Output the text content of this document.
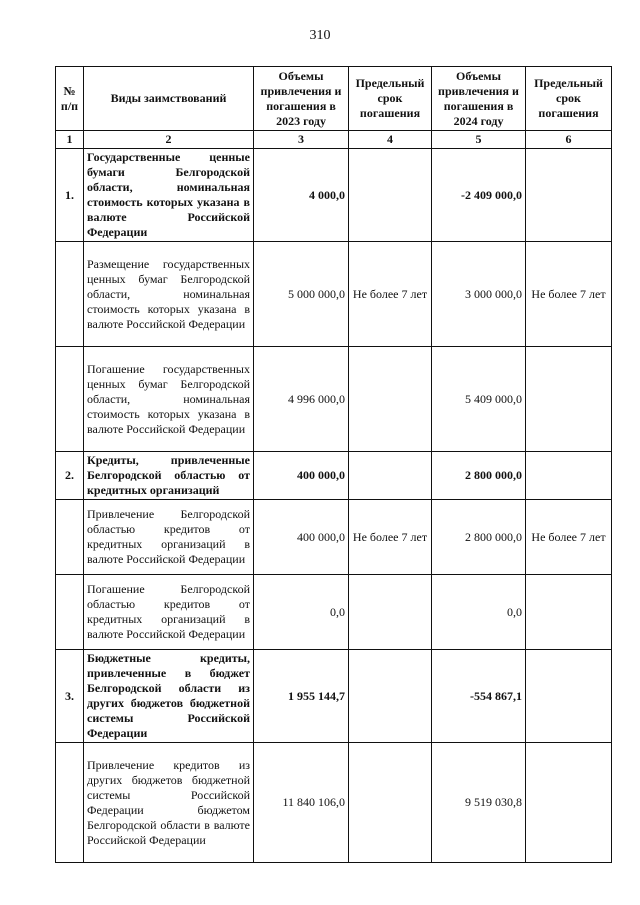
310
№ п/п	Виды заимствований	Объемы привлечения и погашения в 2023 году	Предельный срок погашения	Объемы привлечения и погашения в 2024 году	Предельный срок погашения
1	2	3	4	5	6
1.	Государственные ценные бумаги Белгородской области, номинальная стоимость которых указана в валюте Российской Федерации	4 000,0		-2 409 000,0	
	Размещение государственных ценных бумаг Белгородской области, номинальная стоимость которых указана в валюте Российской Федерации	5 000 000,0	Не более 7 лет	3 000 000,0	Не более 7 лет
	Погашение государственных ценных бумаг Белгородской области, номинальная стоимость которых указана в валюте Российской Федерации	4 996 000,0		5 409 000,0	
2.	Кредиты, привлеченные Белгородской областью от кредитных организаций	400 000,0		2 800 000,0	
	Привлечение Белгородской областью кредитов от кредитных организаций в валюте Российской Федерации	400 000,0	Не более 7 лет	2 800 000,0	Не более 7 лет
	Погашение Белгородской областью кредитов от кредитных организаций в валюте Российской Федерации	0,0		0,0	
3.	Бюджетные кредиты, привлеченные в бюджет Белгородской области из других бюджетов бюджетной системы Российской Федерации	1 955 144,7		-554 867,1	
	Привлечение кредитов из других бюджетов бюджетной системы Российской Федерации бюджетом Белгородской области в валюте Российской Федерации	11 840 106,0		9 519 030,8	
